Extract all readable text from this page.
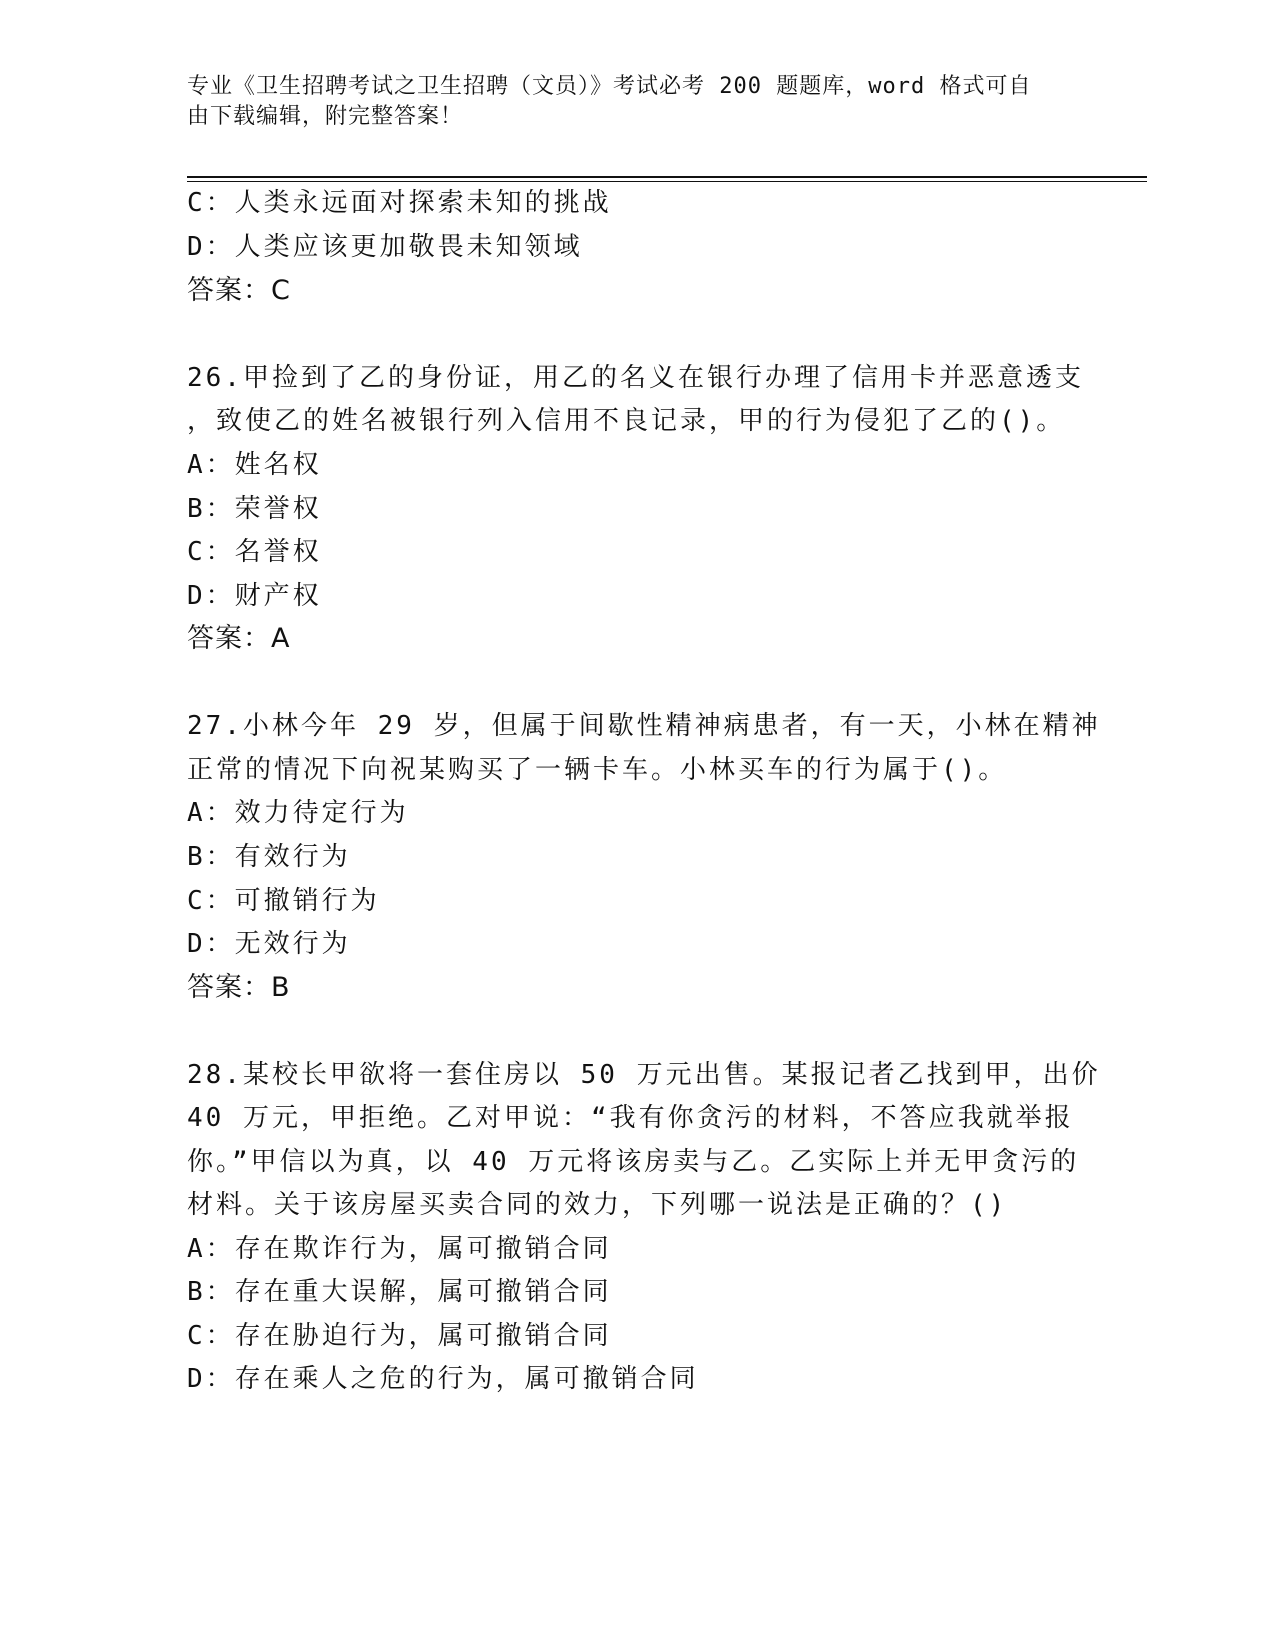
专业《卫生招聘考试之卫生招聘（文员）》考试必考 200 题题库，word 格式可自
由下载编辑，附完整答案！
C：人类永远面对探索未知的挑战
D：人类应该更加敬畏未知领域
答案：C
26.甲捡到了乙的身份证，用乙的名义在银行办理了信用卡并恶意透支
，致使乙的姓名被银行列入信用不良记录，甲的行为侵犯了乙的()。
A：姓名权
B：荣誉权
C：名誉权
D：财产权
答案：A
27.小林今年 29 岁，但属于间歇性精神病患者，有一天，小林在精神
正常的情况下向祝某购买了一辆卡车。小林买车的行为属于()。
A：效力待定行为
B：有效行为
C：可撤销行为
D：无效行为
答案：B
28.某校长甲欲将一套住房以 50 万元出售。某报记者乙找到甲，出价
40 万元，甲拒绝。乙对甲说：“我有你贪污的材料，不答应我就举报
你。”甲信以为真，以 40 万元将该房卖与乙。乙实际上并无甲贪污的
材料。关于该房屋买卖合同的效力，下列哪一说法是正确的？()
A：存在欺诈行为，属可撤销合同
B：存在重大误解，属可撤销合同
C：存在胁迫行为，属可撤销合同
D：存在乘人之危的行为，属可撤销合同
